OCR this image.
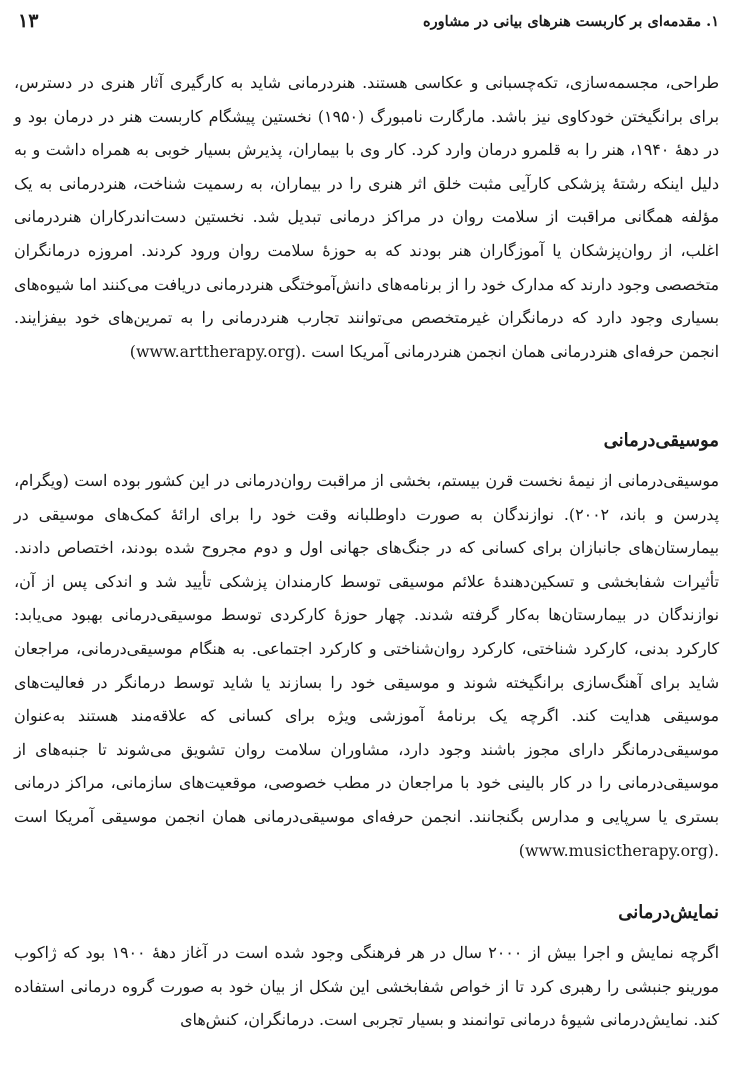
۱. مقدمه‌ای بر کاربست هنرهای بیانی در مشاوره
۱۳

طراحی، مجسمه‌سازی، تکه‌چسبانی و عکاسی هستند. هنردرمانی شاید به کارگیری آثار هنری در دسترس، برای برانگیختن خودکاوی نیز باشد. مارگارت نامبورگ (۱۹۵۰) نخستین پیشگام کاربست هنر در درمان بود و در دههٔ ۱۹۴۰، هنر را به قلمرو درمان وارد کرد. کار وی با بیماران، پذیرش بسیار خوبی به همراه داشت و به دلیل اینکه رشتهٔ پزشکی کارآیی مثبت خلق اثر هنری را در بیماران، به رسمیت شناخت، هنردرمانی به یک مؤلفه همگانی مراقبت از سلامت روان در مراکز درمانی تبدیل شد. نخستین دست‌اندرکاران هنردرمانی اغلب، از روان‌پزشکان یا آموزگاران هنر بودند که به حوزهٔ سلامت روان ورود کردند. امروزه درمانگران متخصصی وجود دارند که مدارک خود را از برنامه‌های دانش‌آموختگی هنردرمانی دریافت می‌کنند اما شیوه‌های بسیاری وجود دارد که درمانگران غیرمتخصص می‌توانند تجارب هنردرمانی را به تمرین‌های خود بیفزایند. انجمن حرفه‌ای هنردرمانی همان انجمن هنردرمانی آمریکا است (www.arttherapy.org).

موسیقی‌درمانی

موسیقی‌درمانی از نیمهٔ نخست قرن بیستم، بخشی از مراقبت روان‌درمانی در این کشور بوده است (ویگرام، پدرسن و باند، ۲۰۰۲). نوازندگان به صورت داوطلبانه وقت خود را برای ارائهٔ کمک‌های موسیقی در بیمارستان‌های جانبازان برای کسانی که در جنگ‌های جهانی اول و دوم مجروح شده بودند، اختصاص دادند. تأثیرات شفابخشی و تسکین‌دهندهٔ علائم موسیقی توسط کارمندان پزشکی تأیید شد و اندکی پس از آن، نوازندگان در بیمارستان‌ها به‌کار گرفته شدند. چهار حوزهٔ کارکردی توسط موسیقی‌درمانی بهبود می‌یابد: کارکرد بدنی، کارکرد شناختی، کارکرد روان‌شناختی و کارکرد اجتماعی. به هنگام موسیقی‌درمانی، مراجعان شاید برای آهنگ‌سازی برانگیخته شوند و موسیقی خود را بسازند یا شاید توسط درمانگر در فعالیت‌های موسیقی هدایت کند. اگرچه یک برنامهٔ آموزشی ویژه برای کسانی که علاقه‌مند هستند به‌عنوان موسیقی‌درمانگر دارای مجوز باشند وجود دارد، مشاوران سلامت روان تشویق می‌شوند تا جنبه‌های از موسیقی‌درمانی را در کار بالینی خود با مراجعان در مطب خصوصی، موقعیت‌های سازمانی، مراکز درمانی بستری یا سرپایی و مدارس بگنجانند. انجمن حرفه‌ای موسیقی‌درمانی همان انجمن موسیقی آمریکا است (www.musictherapy.org).

نمایش‌درمانی

اگرچه نمایش و اجرا بیش از ۲۰۰۰ سال در هر فرهنگی وجود شده است در آغاز دههٔ ۱۹۰۰ بود که ژاکوب مورینو جنبشی را رهبری کرد تا از خواص شفابخشی این شکل از بیان خود به صورت گروه درمانی استفاده کند. نمایش‌درمانی شیوهٔ درمانی توانمند و بسیار تجربی است. درمانگران، کنش‌های
